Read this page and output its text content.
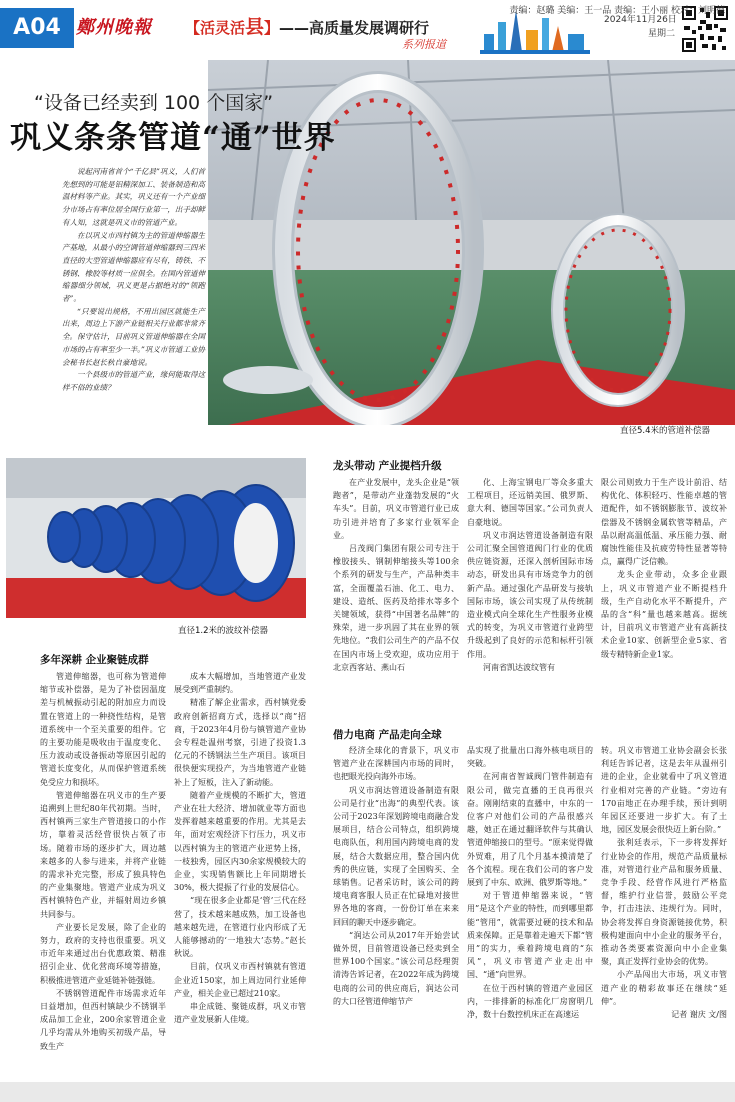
A04 鄭州晚報 【活灵活县】——高质量发展调研行
系列报道
2024年11月26日
星期二
直径5.4米的管道补偿器
“设备已经卖到 100 个国家”
巩义条条管道“通”世界

说起河南省首个“千亿县”巩义，人们首先想到的可能是铝精深加工、装备制造和高温材料等产业。其实，巩义还有一个产业细分市场占有率位居全国行业第一，出手却鲜有人知，这就是巩义市的管道产业。

在以巩义市西村镇为主的管道伸缩器生产基地，从最小的空调管道伸缩器到三四米直径的大型管道伸缩器应有尽有，铸铁、不锈钢、橡胶等材质一应俱全。在国内管道伸缩器细分领域，巩义更是占据绝对的“领跑者”。

“只要说出规格，不用出园区就能生产出来，周边上下游产业链相关行业都非常齐全。保守估计，目前巩义管道伸缩器在全国市场的占有率至少一半。”巩义市管道工业协会秘书长赵长秋自豪地说。

一个县级市的管道产业，缘何能取得这样不俗的业绩？

直径1.2米的波纹补偿器
多年深耕 企业聚链成群

管道伸缩器，也可称为管道伸缩节或补偿器，是为了补偿因温度差与机械振动引起的附加应力而设置在管道上的一种挠性结构，是管道系统中一个至关重要的组件。它的主要功能是吸收由于温度变化、压力波动或设备振动等原因引起的管道长度变化，从而保护管道系统免受应力和损坏。

管道伸缩器在巩义市的生产要追溯到上世纪80年代初期。当时，西村镇两三家生产管道接口的小作坊，靠着灵活经营很快占领了市场。随着市场的逐步扩大，周边越来越多的人参与进来，并将产业链的需求补充完整，形成了独具特色的产业集聚地。管道产业成为巩义西村镇特色产业，并辐射周边乡镇共同参与。

产业要长足发展，除了企业的努力，政府的支持也很重要。巩义市近年来通过出台优惠政策、精准招引企业、优化营商环境等措施，积极推进管道产业延链补链强链。

不锈钢管道配件市场需求近年日益增加，但西村镇缺少不锈钢半成品加工企业，200余家管道企业几乎均需从外地购买初级产品，导致生产

成本大幅增加，当地管道产业发展受到严重制约。

精准了解企业需求，西村镇党委政府创新招商方式，选择以“商”招商，于2023年4月份与镇管道产业协会专程赴温州考察，引进了投资1.3亿元的不锈钢法兰生产项目。该项目很快便实现投产，为当地管道产业链补上了短板，注入了新动能。

随着产业规模的不断扩大，管道产业在壮大经济、增加就业等方面也发挥着越来越重要的作用。尤其是去年，面对宏观经济下行压力，巩义市以西村镇为主的管道产业逆势上扬，一枝独秀，园区内30余家规模较大的企业，实现销售额比上年同期增长30%，极大提振了行业的发展信心。

“现在很多企业都是‘管’三代在经营了，技术越来越成熟，加工设备也越来越先进，在管道行业内形成了无人能够撼动的‘一地独大’态势。”赵长秋说。

目前，仅巩义市西村镇就有管道企业近150家，加上周边同行业延伸产业，相关企业已超过210家。

串企成链、聚链成群，巩义市管道产业发展新人佳境。

龙头带动 产业提档升级

在产业发展中，龙头企业是“领跑者”，是带动产业蓬勃发展的“火车头”。目前，巩义市管道行业已成功引进并培育了多家行业领军企业。

吕茂阀门集团有限公司专注于橡胶接头、钢制伸缩接头等100余个系列的研发与生产，产品种类丰富，全面覆盖石油、化工、电力、建设、造纸、医药及给排水等多个关键领域，获得“中国著名品牌”的殊荣，进一步巩固了其在业界的领先地位。“我们公司生产的产品不仅在国内市场上受欢迎，成功应用于北京西客站、燕山石

化、上海宝钢电厂等众多重大工程项目，还远销美国、俄罗斯、意大利、德国等国家。”公司负责人自豪地说。

巩义市润达管道设备制造有限公司汇聚全国管道阀门行业的优质供应链资源，还深入剖析国际市场动态，研发出具有市场竞争力的创新产品。通过强化产品研发与接轨国际市场，该公司实现了从传统制造业模式向全球化生产性服务业模式的转变，为巩义市管道行业跨型升级起到了良好的示范和标杆引领作用。

河南省凯达波纹管有

限公司则致力于生产设计前沿、结构优化、体积轻巧、性能卓越的管道配件，如不锈钢膨胀节、波纹补偿器及不锈钢金属软管等精品，产品以耐高温低温、承压能力强、耐腐蚀性能佳及抗疲劳特性显著等特点，赢得广泛信赖。

龙头企业带动，众多企业跟上，巩义市管道产业不断提档升级，生产自动化水平不断提升，产品的含“科”量也越来越高。据统计，目前巩义市管道产业有高新技术企业10家、创新型企业5家、省级专精特新企业1家。

借力电商 产品走向全球

经济全球化的背景下，巩义市管道产业在深耕国内市场的同时，也把眼光投向海外市场。

巩义市润达管道设备制造有限公司是行业“出海”的典型代表。该公司于2023年深划跨境电商融合发展项目，结合公司特点，组织跨境电商队伍，利用国内跨境电商的发展，结合大数据应用，整合国内优秀的供应链，实现了全国购买、全球销售。记者采访时，该公司的跨境电商客服人员正在忙碌地对接世界各地的客商，一份份订单在来来回回的聊天中逐步确定。

“润达公司从2017年开始尝试做外贸，目前管道设备已经卖到全世界100个国家。”该公司总经理贺清涛告诉记者，在2022年成为跨境电商的公司的供应商后，润达公司的大口径管道伸缩节产

品实现了批量出口海外核电项目的突破。

在河南省智诚阀门管件制造有限公司，做完直播的王良再很兴奋。刚刚结束的直播中，中东的一位客户对他们公司的产品很感兴趣，她正在通过翻译软件与其确认管道伸缩接口的型号。“原来觉得做外贸难，用了几个月基本摸清楚了各个流程。现在我们公司的客户发展到了中东、欧洲、俄罗斯等地。”

对于管道伸缩器来说，“管用”是这个产业的特性，而到哪里都能“管用”，就需要过硬的技术和品质来保障。正是靠着走遍天下都“管用”的实力，乘着跨境电商的“东风”，巩义市管道产业走出中国、“通”向世界。

在位于西村镇的管道产业园区内，一排排新的标准化厂房窗明几净，数十台数控机床正在高速运

转。巩义市管道工业协会副会长张利廷告诉记者，这是去年从温州引进的企业，企业就看中了巩义管道行业相对完善的产业链。“旁边有170亩地正在办理手续，预计到明年园区还要进一步扩大。有了土地，园区发展会很快迈上新台阶。”

张利廷表示，下一步将发挥好行业协会的作用，规范产品质量标准，对管道行业产品和服务质量、竞争手段、经营作风进行严格监督，维护行业信誉，鼓励公平竞争，打击违法、违规行为。同时，协会将发挥自身资源链接优势，积极构建面向中小企业的服务平台，推动各类要素资源向中小企业集聚，真正发挥行业协会的优势。

小产品闯出大市场，巩义市管道产业的精彩故事还在继续“延伸”。

记者 谢庆 文/图

责编：赵璐 美编：王一品 责编：王小丽 校对：刘明德
